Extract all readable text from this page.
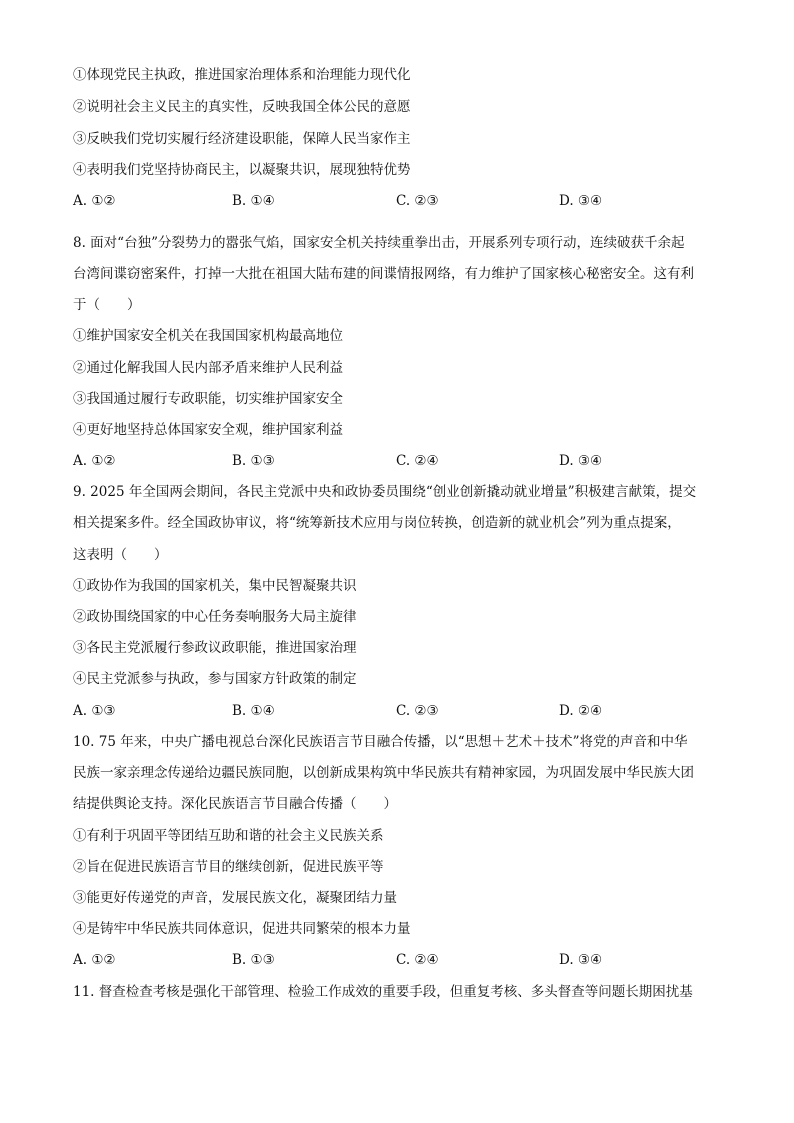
①体现党民主执政，推进国家治理体系和治理能力现代化
②说明社会主义民主的真实性，反映我国全体公民的意愿
③反映我们党切实履行经济建设职能，保障人民当家作主
④表明我们党坚持协商民主，以凝聚共识，展现独特优势
A. ①②	B. ①④	C. ②③	D. ③④
8. 面对“台独”分裂势力的嚣张气焰，国家安全机关持续重拳出击，开展系列专项行动，连续破获千余起
台湾间谍窃密案件，打掉一大批在祖国大陆布建的间谍情报网络，有力维护了国家核心秘密安全。这有利
于（　　）
①维护国家安全机关在我国国家机构最高地位
②通过化解我国人民内部矛盾来维护人民利益
③我国通过履行专政职能，切实维护国家安全
④更好地坚持总体国家安全观，维护国家利益
A. ①②	B. ①③	C. ②④	D. ③④
9. 2025 年全国两会期间，各民主党派中央和政协委员围绕“创业创新撬动就业增量”积极建言献策，提交
相关提案多件。经全国政协审议，将“统筹新技术应用与岗位转换，创造新的就业机会”列为重点提案，
这表明（　　）
①政协作为我国的国家机关，集中民智凝聚共识
②政协围绕国家的中心任务奏响服务大局主旋律
③各民主党派履行参政议政职能，推进国家治理
④民主党派参与执政，参与国家方针政策的制定
A. ①③	B. ①④	C. ②③	D. ②④
10. 75 年来，中央广播电视总台深化民族语言节目融合传播，以“思想＋艺术＋技术”将党的声音和中华
民族一家亲理念传递给边疆民族同胞，以创新成果构筑中华民族共有精神家园，为巩固发展中华民族大团
结提供舆论支持。深化民族语言节目融合传播（　　）
①有利于巩固平等团结互助和谐的社会主义民族关系
②旨在促进民族语言节目的继续创新，促进民族平等
③能更好传递党的声音，发展民族文化，凝聚团结力量
④是铸牢中华民族共同体意识，促进共同繁荣的根本力量
A. ①②	B. ①③	C. ②④	D. ③④
11. 督查检查考核是强化干部管理、检验工作成效的重要手段，但重复考核、多头督查等问题长期困扰基
